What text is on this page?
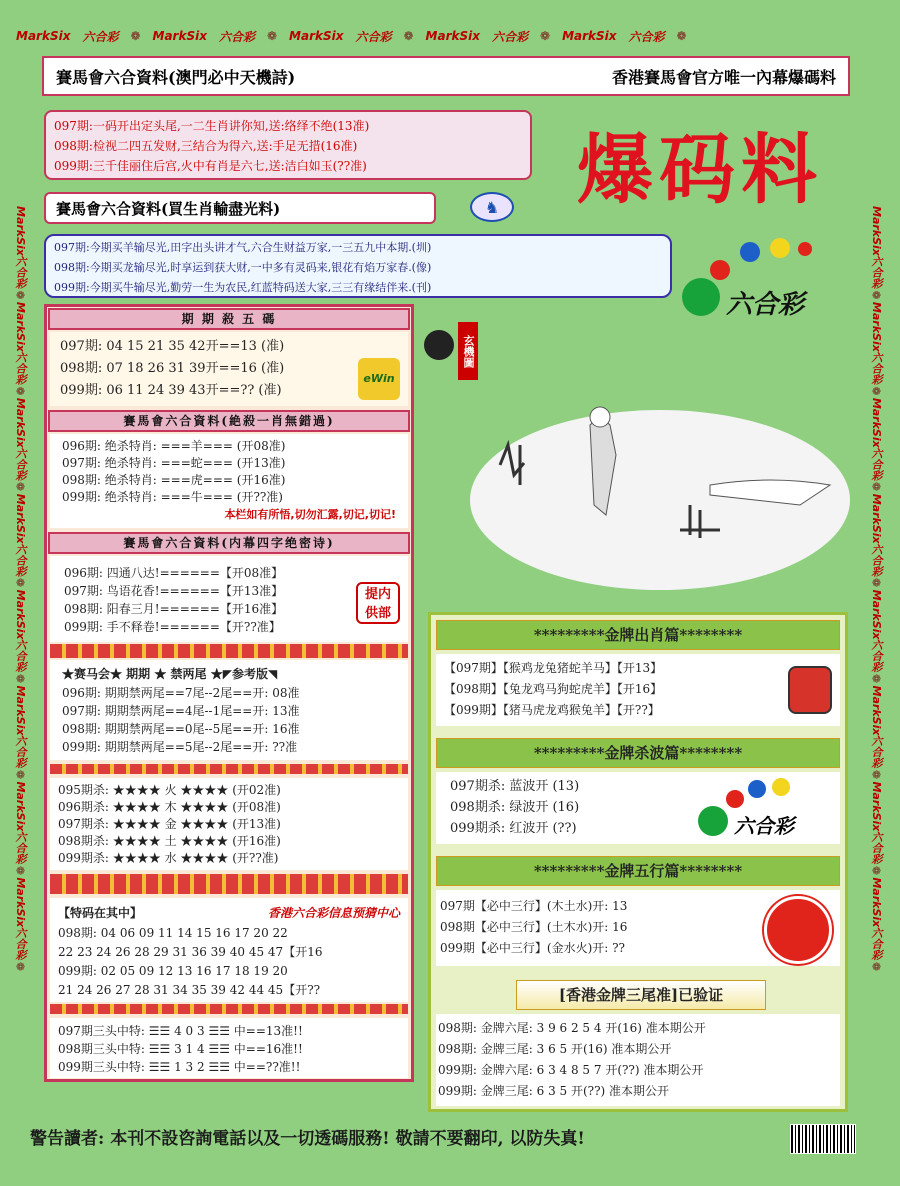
MarkSix 六合彩 ❁ MarkSix 六合彩 ❁ MarkSix 六合彩 ❁ MarkSix 六合彩 ❁ MarkSix 六合彩 ❁
MarkSix六合彩❁MarkSix六合彩❁MarkSix六合彩❁MarkSix六合彩❁MarkSix六合彩❁MarkSix六合彩❁MarkSix六合彩❁MarkSix六合彩❁
MarkSix六合彩❁MarkSix六合彩❁MarkSix六合彩❁MarkSix六合彩❁MarkSix六合彩❁MarkSix六合彩❁MarkSix六合彩❁MarkSix六合彩❁
賽馬會六合資料(澳門必中天機詩)	香港賽馬會官方唯一內幕爆碼料
097期:一码开出定头尾,一二生肖讲你知,送:络绎不绝(13准)
098期:检视二四五发财,三结合为得六,送:手足无措(16准)
099期:三千佳丽住后宫,火中有肖是六七,送:洁白如玉(??准)	爆码料
賽馬會六合資料(買生肖輸盡光料)	♞
097期:今期买羊输尽光,田字出头讲才气,六合生财益万家,一三五九中本期.(圳)
098期:今期买龙输尽光,时享运到获大财,一中多有灵码来,银花有焰万家春.(像)
099期:今期买牛输尽光,勤劳一生为农民,红蓝特码送大家,三三有缘结伴来.(刊)
六合彩
期 期 殺 五 碼
097期: 04 15 21 35 42开==13 (准)
098期: 07 18 26 31 39开==16 (准)
099期: 06 11 24 39 43开==?? (准)
eWin
賽馬會六合資料(絶殺一肖無錯過)
096期: 绝杀特肖: ===羊=== (开08准)
097期: 绝杀特肖: ===蛇=== (开13准)
098期: 绝杀特肖: ===虎=== (开16准)
099期: 绝杀特肖: ===牛=== (开??准)
本栏如有所悟,切勿汇露,切记,切记!
賽馬會六合資料(内幕四字绝密诗)
096期: 四通八达!======【开08准】
097期: 鸟语花香!======【开13准】
098期: 阳春三月!======【开16准】
099期: 手不释卷!======【开??准】
提内供部
★赛马会★ 期期 ★ 禁两尾 ★◤参考版◥
096期: 期期禁两尾==7尾--2尾==开: 08准
097期: 期期禁两尾==4尾--1尾==开: 13准
098期: 期期禁两尾==0尾--5尾==开: 16准
099期: 期期禁两尾==5尾--2尾==开: ??准
095期杀: ★★★★ 火 ★★★★ (开02准)
096期杀: ★★★★ 木 ★★★★ (开08准)
097期杀: ★★★★ 金 ★★★★ (开13准)
098期杀: ★★★★ 土 ★★★★ (开16准)
099期杀: ★★★★ 水 ★★★★ (开??准)
【特码在其中】	香港六合彩信息预猜中心
098期: 04 06 09 11 14 15 16 17 20 22
22 23 24 26 28 29 31 36 39 40 45 47【开16
099期: 02 05 09 12 13 16 17 18 19 20
21 24 26 27 28 31 34 35 39 42 44 45【开??
097期三头中特: ☰☰ 4 0 3 ☰☰ 中==13准!!
098期三头中特: ☰☰ 3 1 4 ☰☰ 中==16准!!
099期三头中特: ☰☰ 1 3 2 ☰☰ 中==??准!!
玄機圖
*********金牌出肖篇********
【097期】【猴鸡龙兔猪蛇羊马】【开13】
【098期】【兔龙鸡马狗蛇虎羊】【开16】
【099期】【猪马虎龙鸡猴兔羊】【开??】
*********金牌杀波篇********
097期杀: 蓝波开 (13)
098期杀: 绿波开 (16)
099期杀: 红波开 (??)	六合彩
*********金牌五行篇********
097期【必中三行】(木土水)开: 13
098期【必中三行】(土木水)开: 16
099期【必中三行】(金水火)开: ??
[香港金牌三尾准]已验证
098期: 金牌六尾: 3 9 6 2 5 4 开(16) 准本期公开
098期: 金牌三尾: 3 6 5 开(16) 准本期公开
099期: 金牌六尾: 6 3 4 8 5 7 开(??) 准本期公开
099期: 金牌三尾: 6 3 5 开(??) 准本期公开
警告讀者: 本刊不設咨詢電話以及一切透碼服務! 敬請不要翻印, 以防失真!
